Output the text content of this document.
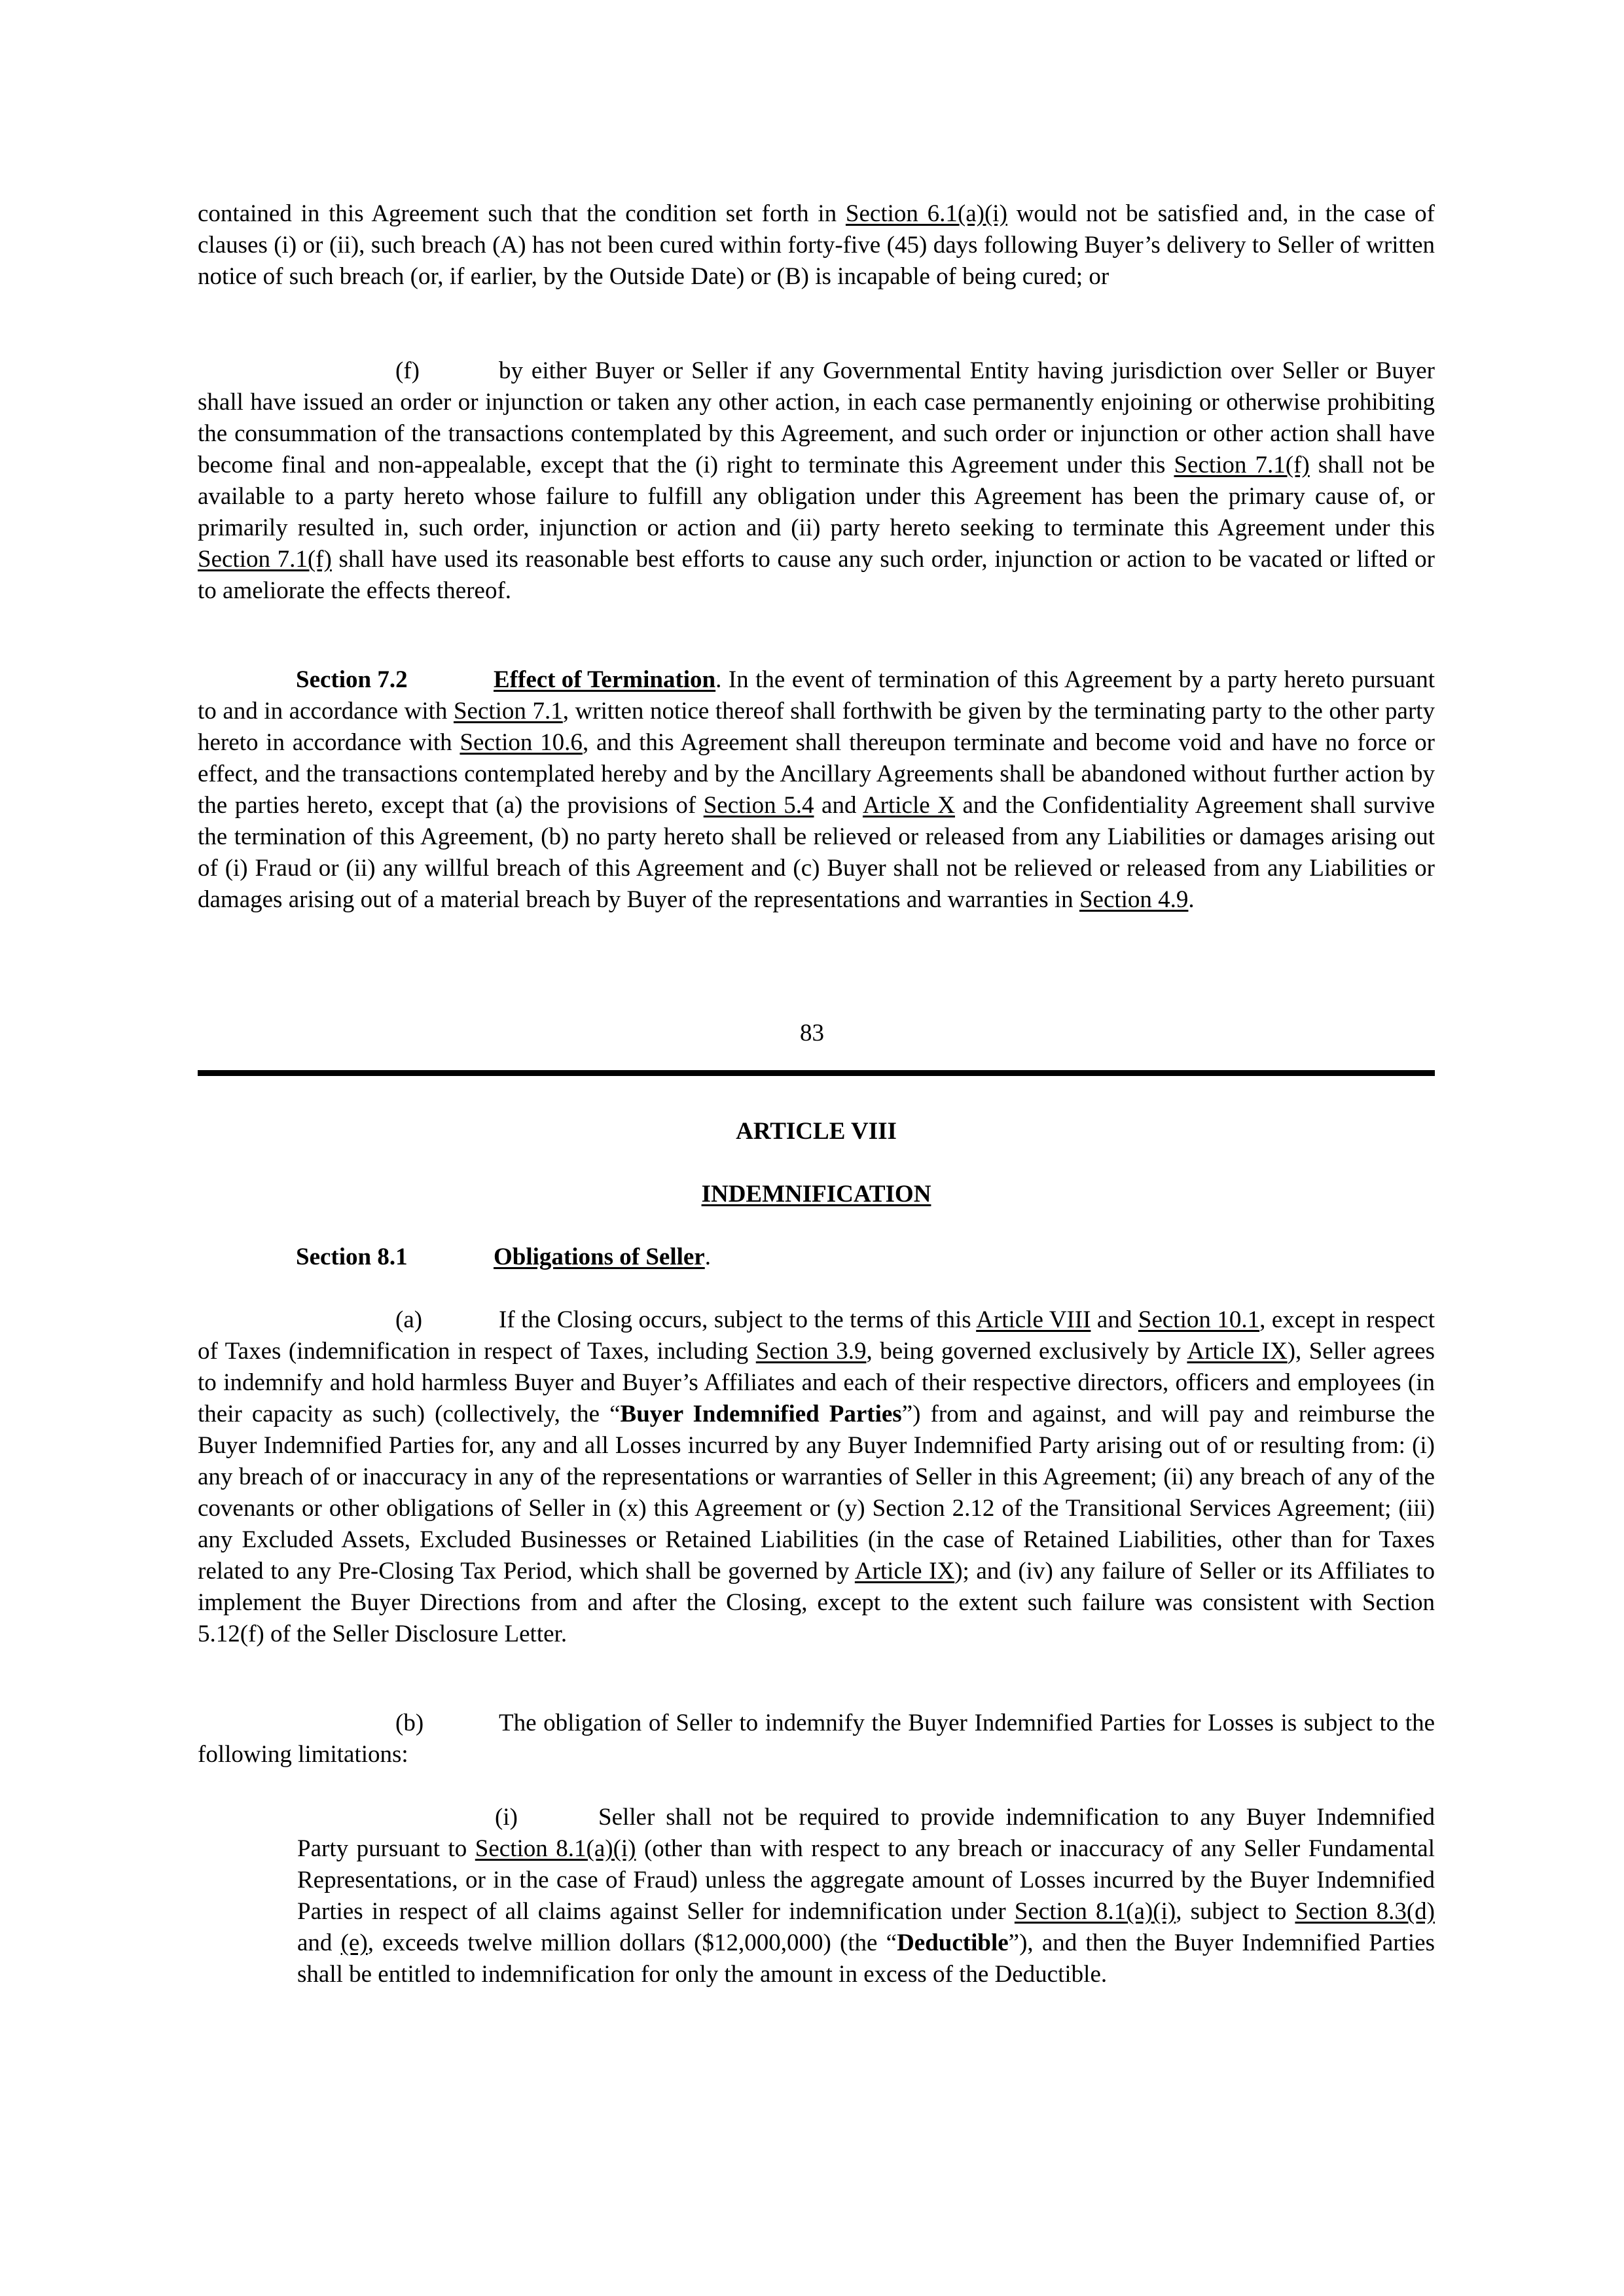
contained in this Agreement such that the condition set forth in Section 6.1(a)(i) would not be satisfied and, in the case of clauses (i) or (ii), such breach (A) has not been cured within forty-five (45) days following Buyer’s delivery to Seller of written notice of such breach (or, if earlier, by the Outside Date) or (B) is incapable of being cured; or

(f)	by either Buyer or Seller if any Governmental Entity having jurisdiction over Seller or Buyer shall have issued an order or injunction or taken any other action, in each case permanently enjoining or otherwise prohibiting the consummation of the transactions contemplated by this Agreement, and such order or injunction or other action shall have become final and non-appealable, except that the (i) right to terminate this Agreement under this Section 7.1(f) shall not be available to a party hereto whose failure to fulfill any obligation under this Agreement has been the primary cause of, or primarily resulted in, such order, injunction or action and (ii) party hereto seeking to terminate this Agreement under this Section 7.1(f) shall have used its reasonable best efforts to cause any such order, injunction or action to be vacated or lifted or to ameliorate the effects thereof.

Section 7.2	Effect of Termination. In the event of termination of this Agreement by a party hereto pursuant to and in accordance with Section 7.1, written notice thereof shall forthwith be given by the terminating party to the other party hereto in accordance with Section 10.6, and this Agreement shall thereupon terminate and become void and have no force or effect, and the transactions contemplated hereby and by the Ancillary Agreements shall be abandoned without further action by the parties hereto, except that (a) the provisions of Section 5.4 and Article X and the Confidentiality Agreement shall survive the termination of this Agreement, (b) no party hereto shall be relieved or released from any Liabilities or damages arising out of (i) Fraud or (ii) any willful breach of this Agreement and (c) Buyer shall not be relieved or released from any Liabilities or damages arising out of a material breach by Buyer of the representations and warranties in Section 4.9.

83
ARTICLE VIII
INDEMNIFICATION

Section 8.1	Obligations of Seller.

(a)	If the Closing occurs, subject to the terms of this Article VIII and Section 10.1, except in respect of Taxes (indemnification in respect of Taxes, including Section 3.9, being governed exclusively by Article IX), Seller agrees to indemnify and hold harmless Buyer and Buyer’s Affiliates and each of their respective directors, officers and employees (in their capacity as such) (collectively, the “Buyer Indemnified Parties”) from and against, and will pay and reimburse the Buyer Indemnified Parties for, any and all Losses incurred by any Buyer Indemnified Party arising out of or resulting from: (i) any breach of or inaccuracy in any of the representations or warranties of Seller in this Agreement; (ii) any breach of any of the covenants or other obligations of Seller in (x) this Agreement or (y) Section 2.12 of the Transitional Services Agreement; (iii) any Excluded Assets, Excluded Businesses or Retained Liabilities (in the case of Retained Liabilities, other than for Taxes related to any Pre-Closing Tax Period, which shall be governed by Article IX); and (iv) any failure of Seller or its Affiliates to implement the Buyer Directions from and after the Closing, except to the extent such failure was consistent with Section 5.12(f) of the Seller Disclosure Letter.

(b)	The obligation of Seller to indemnify the Buyer Indemnified Parties for Losses is subject to the following limitations:

(i)	Seller shall not be required to provide indemnification to any Buyer Indemnified Party pursuant to Section 8.1(a)(i) (other than with respect to any breach or inaccuracy of any Seller Fundamental Representations, or in the case of Fraud) unless the aggregate amount of Losses incurred by the Buyer Indemnified Parties in respect of all claims against Seller for indemnification under Section 8.1(a)(i), subject to Section 8.3(d) and (e), exceeds twelve million dollars ($12,000,000) (the “Deductible”), and then the Buyer Indemnified Parties shall be entitled to indemnification for only the amount in excess of the Deductible.
